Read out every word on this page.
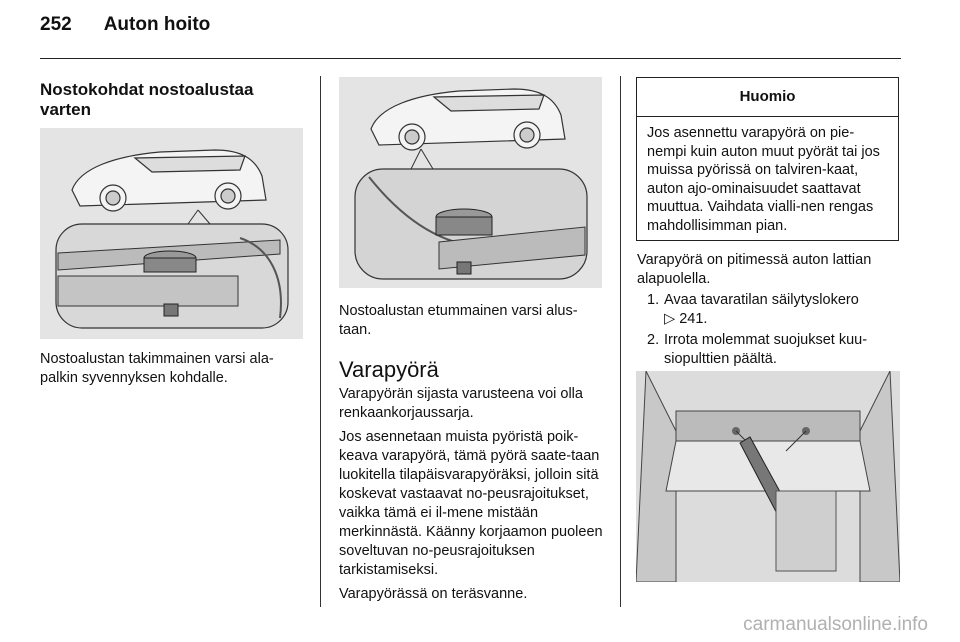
252 Auton hoito
Nostokohdat nostoalustaa varten

Nostoalustan takimmainen varsi ala-palkin syvennyksen kohdalle.

Nostoalustan etummainen varsi alus-taan.

Varapyörä

Varapyörän sijasta varusteena voi olla renkaankorjaussarja.

Jos asennetaan muista pyöristä poik-keava varapyörä, tämä pyörä saate-taan luokitella tilapäisvarapyöräksi, jolloin sitä koskevat vastaavat no-peusrajoitukset, vaikka tämä ei il-mene mistään merkinnästä. Käänny korjaamon puoleen soveltuvan no-peusrajoituksen tarkistamiseksi.

Varapyörässä on teräsvanne.

Huomio
Jos asennettu varapyörä on pie-nempi kuin auton muut pyörät tai jos muissa pyörissä on talviren-kaat, auton ajo-ominaisuudet saattavat muuttua. Vaihdata vialli-nen rengas mahdollisimman pian.

Varapyörä on pitimessä auton lattian alapuolella.

1. Avaa tavaratilan säilytyslokero
▷ 241.
2. Irrota molemmat suojukset kuu-siopulttien päältä.
carmanualsonline.info
